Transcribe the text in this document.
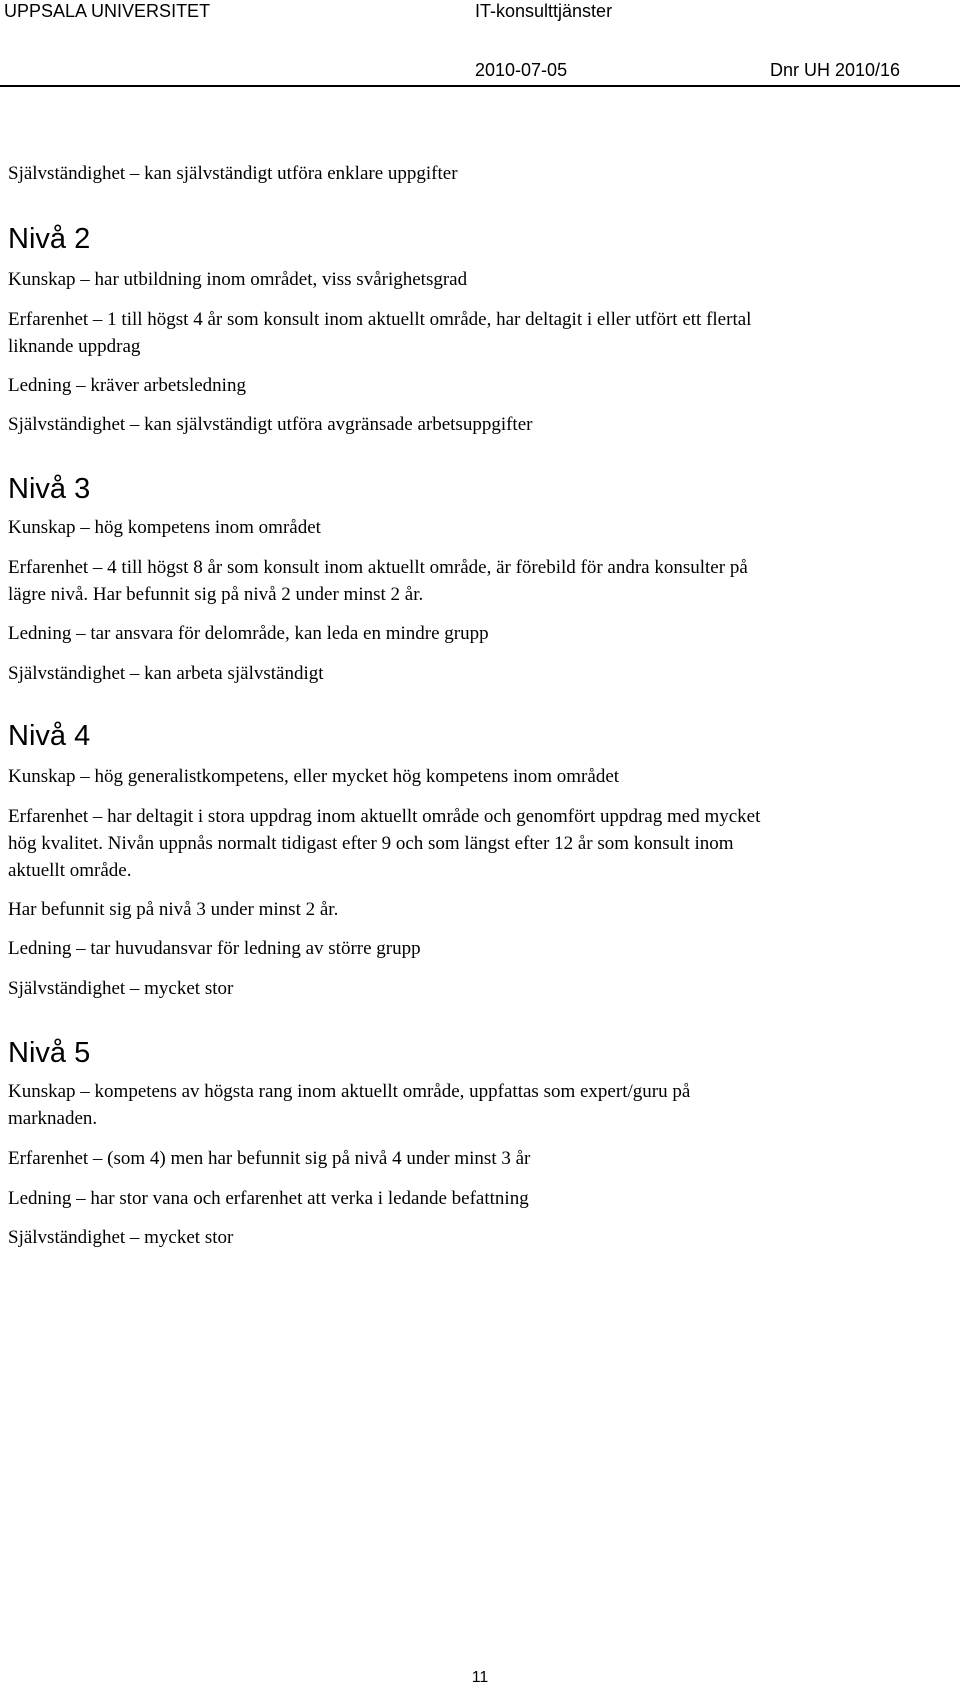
UPPSALA UNIVERSITET	IT-konsulttjänster
2010-07-05	Dnr UH 2010/16
Självständighet – kan självständigt utföra enklare uppgifter
Nivå 2
Kunskap – har utbildning inom området, viss svårighetsgrad
Erfarenhet – 1 till högst 4 år som konsult inom aktuellt område, har deltagit i eller utfört ett flertal
liknande uppdrag
Ledning – kräver arbetsledning
Självständighet – kan självständigt utföra avgränsade arbetsuppgifter
Nivå 3
Kunskap – hög kompetens inom området
Erfarenhet – 4 till högst 8 år som konsult inom aktuellt område, är förebild för andra konsulter på
lägre nivå. Har befunnit sig på nivå 2 under minst 2 år.
Ledning – tar ansvara för delområde, kan leda en mindre grupp
Självständighet – kan arbeta självständigt
Nivå 4
Kunskap – hög generalistkompetens, eller mycket hög kompetens inom området
Erfarenhet – har deltagit i stora uppdrag inom aktuellt område och genomfört uppdrag med mycket
hög kvalitet. Nivån uppnås normalt tidigast efter 9 och som längst efter 12 år som konsult inom
aktuellt område.
Har befunnit sig på nivå 3 under minst 2 år.
Ledning – tar huvudansvar för ledning av större grupp
Självständighet – mycket stor
Nivå 5
Kunskap – kompetens av högsta rang inom aktuellt område, uppfattas som expert/guru på
marknaden.
Erfarenhet – (som 4) men har befunnit sig på nivå 4 under minst 3 år
Ledning – har stor vana och erfarenhet att verka i ledande befattning
Självständighet – mycket stor
11
